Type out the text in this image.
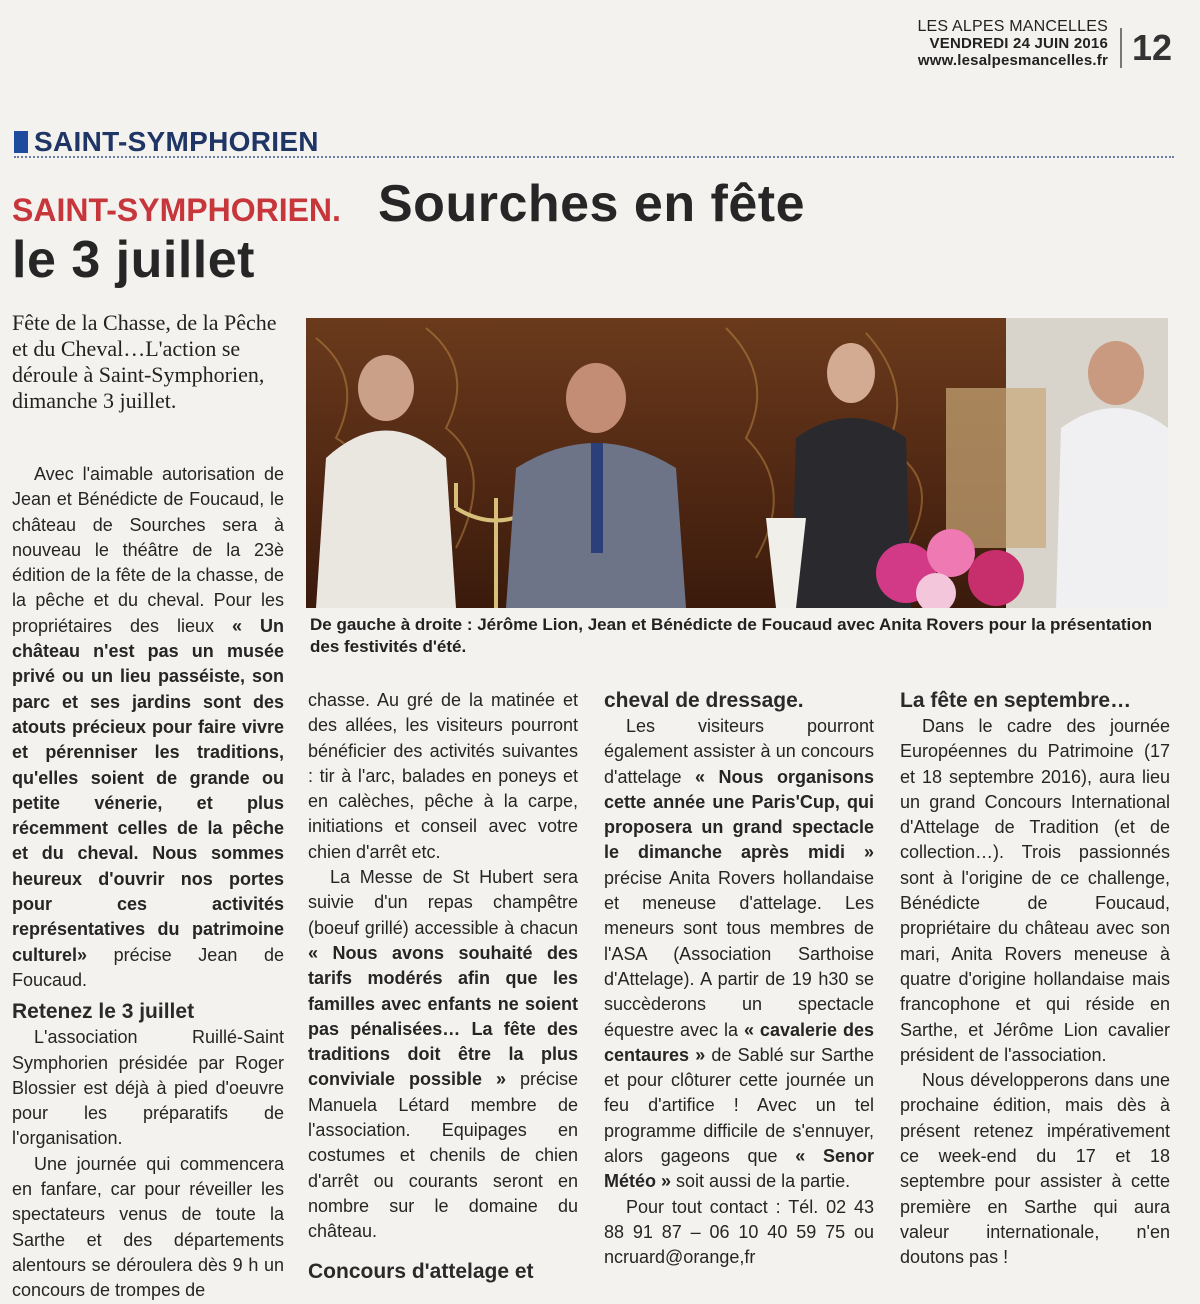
LES ALPES MANCELLES
VENDREDI 24 JUIN 2016
www.lesalpesmancelles.fr 12
SAINT-SYMPHORIEN
SAINT-SYMPHORIEN. Sourches en fête
le 3 juillet
Fête de la Chasse, de la Pêche et du Cheval…L'action se déroule à Saint-Symphorien, dimanche 3 juillet.
De gauche à droite : Jérôme Lion, Jean et Bénédicte de Foucaud avec Anita Rovers pour la présentation des festivités d'été.

Avec l'aimable autorisation de Jean et Bénédicte de Foucaud, le château de Sourches sera à nouveau le théâtre de la 23è édition de la fête de la chasse, de la pêche et du cheval. Pour les propriétaires des lieux « Un château n'est pas un musée privé ou un lieu passéiste, son parc et ses jardins sont des atouts précieux pour faire vivre et pérenniser les traditions, qu'elles soient de grande ou petite vénerie, et plus récemment celles de la pêche et du cheval. Nous sommes heureux d'ouvrir nos portes pour ces activités représentatives du patrimoine culturel» précise Jean de Foucaud.

Retenez le 3 juillet

L'association Ruillé-Saint Symphorien présidée par Roger Blossier est déjà à pied d'oeuvre pour les préparatifs de l'organisation.

Une journée qui commencera en fanfare, car pour réveiller les spectateurs venus de toute la Sarthe et des départements alentours se déroulera dès 9 h un concours de trompes de

chasse. Au gré de la matinée et des allées, les visiteurs pourront bénéficier des activités suivantes : tir à l'arc, balades en poneys et en calèches, pêche à la carpe, initiations et conseil avec votre chien d'arrêt etc.

La Messe de St Hubert sera suivie d'un repas champêtre (boeuf grillé) accessible à chacun « Nous avons souhaité des tarifs modérés afin que les familles avec enfants ne soient pas pénalisées… La fête des traditions doit être la plus conviviale possible » précise Manuela Létard membre de l'association. Equipages en costumes et chenils de chien d'arrêt ou courants seront en nombre sur le domaine du château.

Concours d'attelage et
cheval de dressage.

Les visiteurs pourront également assister à un concours d'attelage « Nous organisons cette année une Paris'Cup, qui proposera un grand spectacle le dimanche après midi » précise Anita Rovers hollandaise et meneuse d'attelage. Les meneurs sont tous membres de l'ASA (Association Sarthoise d'Attelage). A partir de 19 h30 se succèderons un spectacle équestre avec la « cavalerie des centaures » de Sablé sur Sarthe et pour clôturer cette journée un feu d'artifice ! Avec un tel programme difficile de s'ennuyer, alors gageons que « Senor Météo » soit aussi de la partie.

Pour tout contact : Tél. 02 43 88 91 87 – 06 10 40 59 75 ou ncruard@orange,fr

La fête en septembre…

Dans le cadre des journée Européennes du Patrimoine (17 et 18 septembre 2016), aura lieu un grand Concours International d'Attelage de Tradition (et de collection…). Trois passionnés sont à l'origine de ce challenge, Bénédicte de Foucaud, propriétaire du château avec son mari, Anita Rovers meneuse à quatre d'origine hollandaise mais francophone et qui réside en Sarthe, et Jérôme Lion cavalier président de l'association.

Nous développerons dans une prochaine édition, mais dès à présent retenez impérativement ce week-end du 17 et 18 septembre pour assister à cette première en Sarthe qui aura valeur internationale, n'en doutons pas !
